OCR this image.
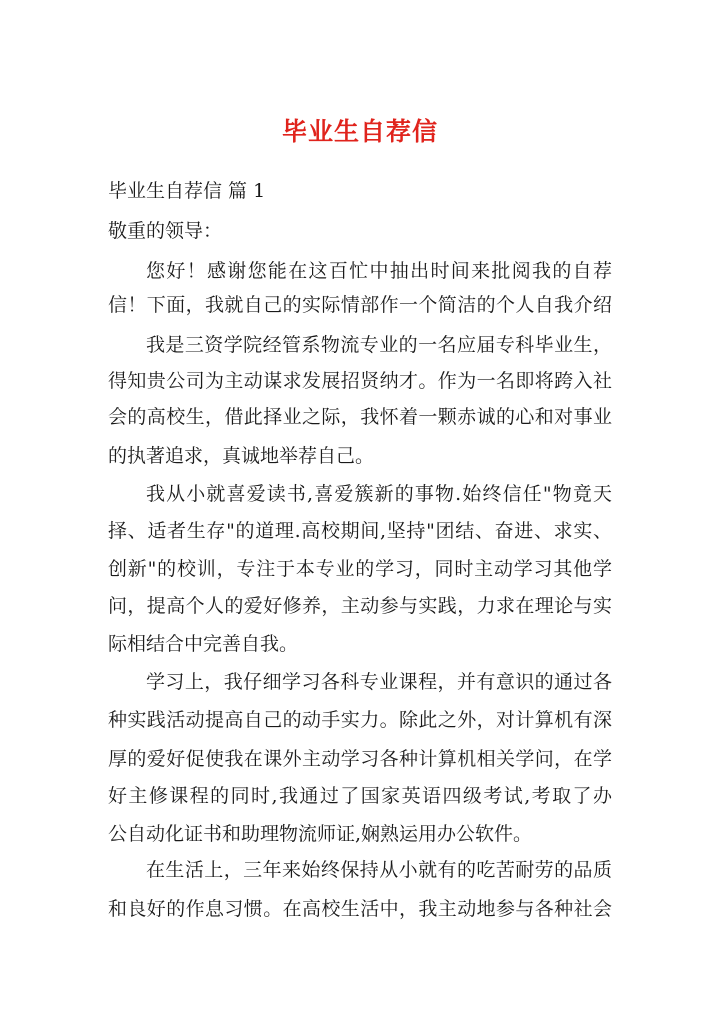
毕业生自荐信
毕业生自荐信 篇 1
敬重的领导：
您好！感谢您能在这百忙中抽出时间来批阅我的自荐
信！下面，我就自己的实际情部作一个简洁的个人自我介绍
我是三资学院经管系物流专业的一名应届专科毕业生，
得知贵公司为主动谋求发展招贤纳才。作为一名即将跨入社
会的高校生，借此择业之际，我怀着一颗赤诚的心和对事业
的执著追求，真诚地举荐自己。
我从小就喜爱读书,喜爱簇新的事物.始终信任"物竟天
择、适者生存"的道理.高校期间,坚持"团结、奋进、求实、
创新"的校训，专注于本专业的学习，同时主动学习其他学
问，提高个人的爱好修养，主动参与实践，力求在理论与实
际相结合中完善自我。
学习上，我仔细学习各科专业课程，并有意识的通过各
种实践活动提高自己的动手实力。除此之外，对计算机有深
厚的爱好促使我在课外主动学习各种计算机相关学问，在学
好主修课程的同时,我通过了国家英语四级考试,考取了办
公自动化证书和助理物流师证,娴熟运用办公软件。
在生活上，三年来始终保持从小就有的吃苦耐劳的品质
和良好的作息习惯。在高校生活中，我主动地参与各种社会
